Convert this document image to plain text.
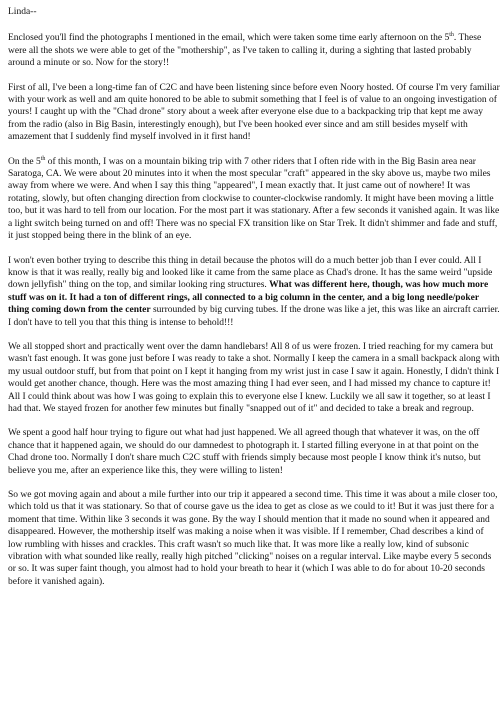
Linda--

Enclosed you'll find the photographs I mentioned in the email, which were taken some time early afternoon on the 5th. These were all the shots we were able to get of the "mothership", as I've taken to calling it, during a sighting that lasted probably around a minute or so. Now for the story!!

First of all, I've been a long-time fan of C2C and have been listening since before even Noory hosted. Of course I'm very familiar with your work as well and am quite honored to be able to submit something that I feel is of value to an ongoing investigation of yours! I caught up with the "Chad drone" story about a week after everyone else due to a backpacking trip that kept me away from the radio (also in Big Basin, interestingly enough), but I've been hooked ever since and am still besides myself with amazement that I suddenly find myself involved in it first hand!

On the 5th of this month, I was on a mountain biking trip with 7 other riders that I often ride with in the Big Basin area near Saratoga, CA. We were about 20 minutes into it when the most specular "craft" appeared in the sky above us, maybe two miles away from where we were. And when I say this thing "appeared", I mean exactly that. It just came out of nowhere! It was rotating, slowly, but often changing direction from clockwise to counter-clockwise randomly. It might have been moving a little too, but it was hard to tell from our location. For the most part it was stationary. After a few seconds it vanished again. It was like a light switch being turned on and off! There was no special FX transition like on Star Trek. It didn't shimmer and fade and stuff, it just stopped being there in the blink of an eye.

I won't even bother trying to describe this thing in detail because the photos will do a much better job than I ever could. All I know is that it was really, really big and looked like it came from the same place as Chad's drone. It has the same weird "upside down jellyfish" thing on the top, and similar looking ring structures. What was different here, though, was how much more stuff was on it. It had a ton of different rings, all connected to a big column in the center, and a big long needle/poker thing coming down from the center surrounded by big curving tubes. If the drone was like a jet, this was like an aircraft carrier. I don't have to tell you that this thing is intense to behold!!!

We all stopped short and practically went over the damn handlebars! All 8 of us were frozen. I tried reaching for my camera but wasn't fast enough. It was gone just before I was ready to take a shot. Normally I keep the camera in a small backpack along with my usual outdoor stuff, but from that point on I kept it hanging from my wrist just in case I saw it again. Honestly, I didn't think I would get another chance, though. Here was the most amazing thing I had ever seen, and I had missed my chance to capture it! All I could think about was how I was going to explain this to everyone else I knew. Luckily we all saw it together, so at least I had that. We stayed frozen for another few minutes but finally "snapped out of it" and decided to take a break and regroup.

We spent a good half hour trying to figure out what had just happened. We all agreed though that whatever it was, on the off chance that it happened again, we should do our damnedest to photograph it. I started filling everyone in at that point on the Chad drone too. Normally I don't share much C2C stuff with friends simply because most people I know think it's nutso, but believe you me, after an experience like this, they were willing to listen!

So we got moving again and about a mile further into our trip it appeared a second time. This time it was about a mile closer too, which told us that it was stationary. So that of course gave us the idea to get as close as we could to it! But it was just there for a moment that time. Within like 3 seconds it was gone. By the way I should mention that it made no sound when it appeared and disappeared. However, the mothership itself was making a noise when it was visible. If I remember, Chad describes a kind of low rumbling with hisses and crackles. This craft wasn't so much like that. It was more like a really low, kind of subsonic vibration with what sounded like really, really high pitched "clicking" noises on a regular interval. Like maybe every 5 seconds or so. It was super faint though, you almost had to hold your breath to hear it (which I was able to do for about 10-20 seconds before it vanished again).
